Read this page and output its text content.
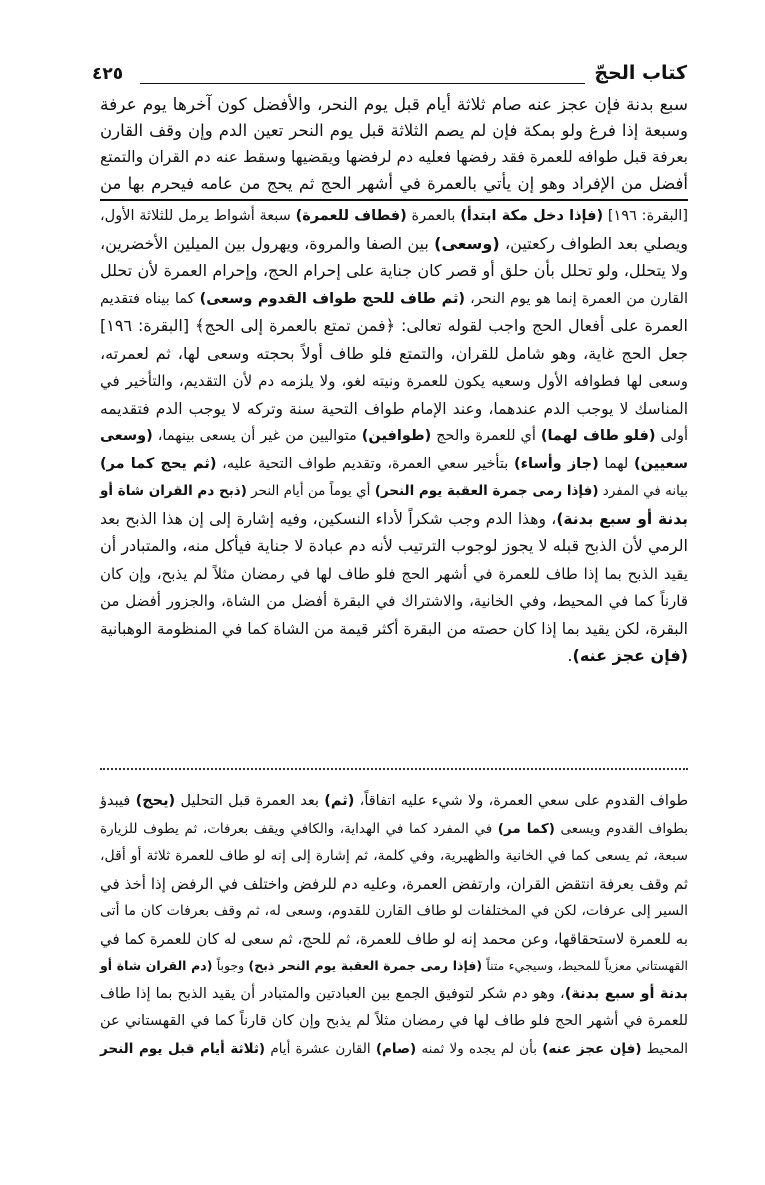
كتاب الحجّ
٤٢٥
سبع بدنة فإن عجز عنه صام ثلاثة أيام قبل يوم النحر، والأفضل كون آخرها يوم عرفة
وسبعة إذا فرغ ولو بمكة فإن لم يصم الثلاثة قبل يوم النحر تعين الدم وإن وقف القارن
بعرفة قبل طوافه للعمرة فقد رفضها فعليه دم لرفضها ويقضيها وسقط عنه دم القران والتمتع
أفضل من الإفراد وهو إن يأتي بالعمرة في أشهر الحج ثم يحج من عامه فيحرم بها من
[البقرة: ١٩٦] (فإذا دخل مكة ابتدأ) بالعمرة (فطاف للعمرة) سبعة أشواط يرمل للثلاثة الأول،
ويصلي بعد الطواف ركعتين، (وسعى) بين الصفا والمروة، ويهرول بين الميلين الأخضرين،
ولا يتحلل، ولو تحلل بأن حلق أو قصر كان جناية على إحرام الحج، وإحرام العمرة لأن تحلل
القارن من العمرة إنما هو يوم النحر، (ثم طاف للحج طواف القدوم وسعى) كما بيناه فتقديم
العمرة على أفعال الحج واجب لقوله تعالى: ﴿فمن تمتع بالعمرة إلى الحج﴾ [البقرة: ١٩٦]
جعل الحج غاية، وهو شامل للقران، والتمتع فلو طاف أولاً بحجته وسعى لها، ثم لعمرته،
وسعى لها فطوافه الأول وسعيه يكون للعمرة ونيته لغو، ولا يلزمه دم لأن التقديم، والتأخير في
المناسك لا يوجب الدم عندهما، وعند الإمام طواف التحية سنة وتركه لا يوجب الدم فتقديمه
أولى (فلو طاف لهما) أي للعمرة والحج (طوافين) متواليين من غير أن يسعى بينهما، (وسعى
سعيين) لهما (جاز وأساء) بتأخير سعي العمرة، وتقديم طواف التحية عليه، (ثم يحج كما مر)
بيانه في المفرد (فإذا رمى جمرة العقبة يوم النحر) أي يوماً من أيام النحر (ذبح دم القران شاة أو
بدنة أو سبع بدنة)، وهذا الدم وجب شكراً لأداء النسكين، وفيه إشارة إلى إن هذا الذبح بعد
الرمي لأن الذبح قبله لا يجوز لوجوب الترتيب لأنه دم عبادة لا جناية فيأكل منه، والمتبادر أن
يقيد الذبح بما إذا طاف للعمرة في أشهر الحج فلو طاف لها في رمضان مثلاً لم يذبح، وإن كان
قارناً كما في المحيط، وفي الخانية، والاشتراك في البقرة أفضل من الشاة، والجزور أفضل من
البقرة، لكن يقيد بما إذا كان حصته من البقرة أكثر قيمة من الشاة كما في المنظومة الوهبانية
(فإن عجز عنه).
طواف القدوم على سعي العمرة، ولا شيء عليه اتفاقاً، (ثم) بعد العمرة قبل التحليل (يحج) فيبدؤ
بطواف القدوم ويسعى (كما مر) في المفرد كما في الهداية، والكافي ويقف بعرفات، ثم يطوف للزيارة
سبعة، ثم يسعى كما في الخانية والظهيرية، وفي كلمة، ثم إشارة إلى إنه لو طاف للعمرة ثلاثة أو أقل،
ثم وقف بعرفة انتقض القران، وارتفض العمرة، وعليه دم للرفض واختلف في الرفض إذا أخذ في
السير إلى عرفات، لكن في المختلفات لو طاف القارن للقدوم، وسعى له، ثم وقف بعرفات كان ما أتى
به للعمرة لاستحقاقها، وعن محمد إنه لو طاف للعمرة، ثم للحج، ثم سعى له كان للعمرة كما في
القهستاني معزياً للمحيط، وسيجيء متناً (فإذا رمى جمرة العقبة يوم النحر ذبح) وجوباً (دم القران شاة أو
بدنة أو سبع بدنة)، وهو دم شكر لتوفيق الجمع بين العبادتين والمتبادر أن يقيد الذبح بما إذا طاف
للعمرة في أشهر الحج فلو طاف لها في رمضان مثلاً لم يذبح وإن كان قارناً كما في القهستاني عن
المحيط (فإن عجز عنه) بأن لم يجده ولا ثمنه (صام) القارن عشرة أيام (ثلاثة أيام قبل يوم النحر
